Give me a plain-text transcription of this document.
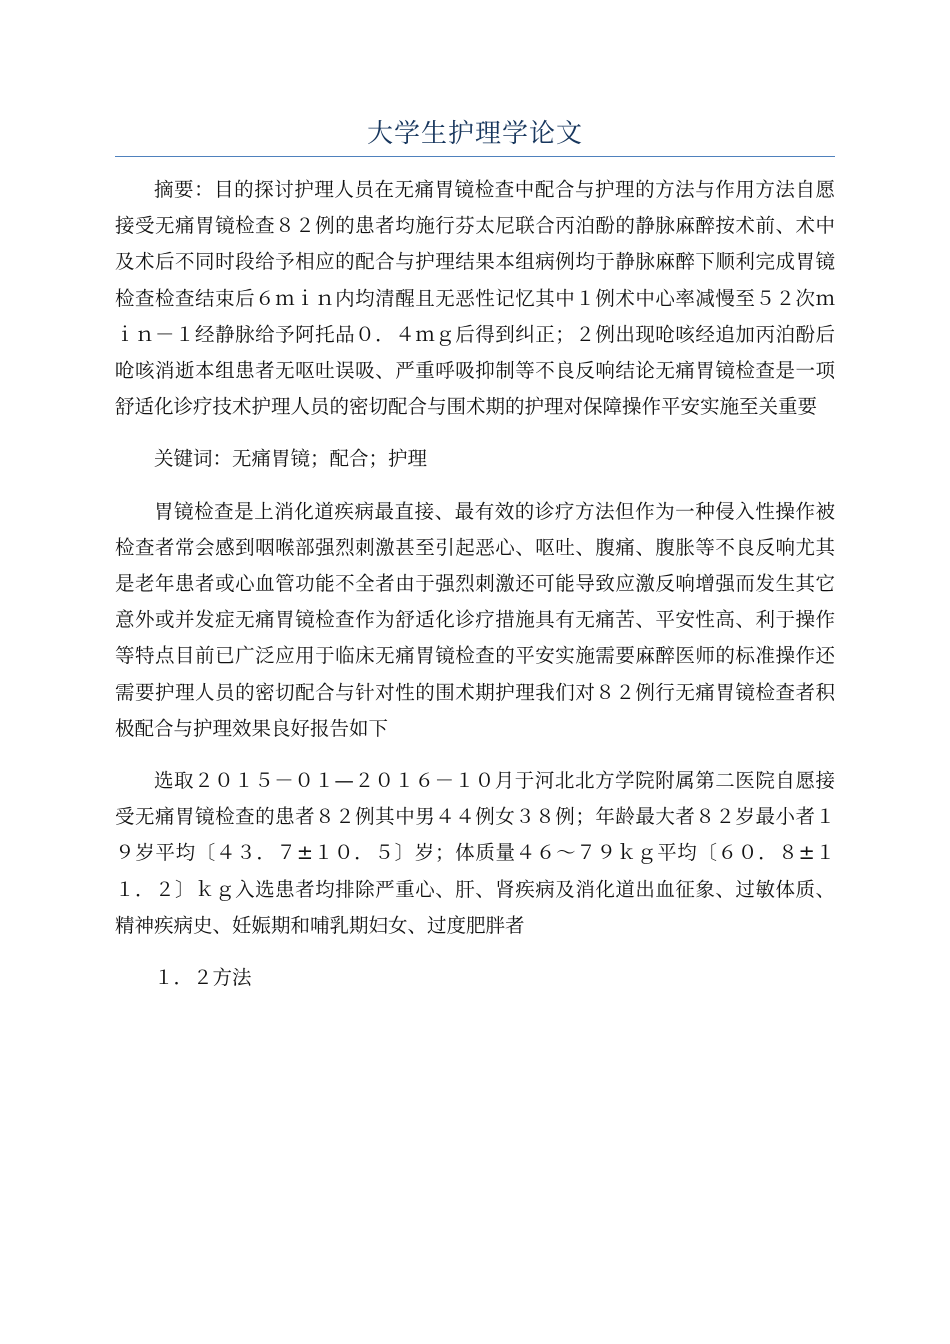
大学生护理学论文

摘要：目的探讨护理人员在无痛胃镜检查中配合与护理的方法与作用方法自愿接受无痛胃镜检查８２例的患者均施行芬太尼联合丙泊酚的静脉麻醉按术前、术中及术后不同时段给予相应的配合与护理结果本组病例均于静脉麻醉下顺利完成胃镜检查检查结束后６ｍｉｎ内均清醒且无恶性记忆其中１例术中心率减慢至５２次ｍｉｎ－１经静脉给予阿托品０．４ｍｇ后得到纠正；２例出现呛咳经追加丙泊酚后呛咳消逝本组患者无呕吐误吸、严重呼吸抑制等不良反响结论无痛胃镜检查是一项舒适化诊疗技术护理人员的密切配合与围术期的护理对保障操作平安实施至关重要

关键词：无痛胃镜；配合；护理

胃镜检查是上消化道疾病最直接、最有效的诊疗方法但作为一种侵入性操作被检查者常会感到咽喉部强烈刺激甚至引起恶心、呕吐、腹痛、腹胀等不良反响尤其是老年患者或心血管功能不全者由于强烈刺激还可能导致应激反响增强而发生其它意外或并发症无痛胃镜检查作为舒适化诊疗措施具有无痛苦、平安性高、利于操作等特点目前已广泛应用于临床无痛胃镜检查的平安实施需要麻醉医师的标准操作还需要护理人员的密切配合与针对性的围术期护理我们对８２例行无痛胃镜检查者积极配合与护理效果良好报告如下

选取２０１５－０１—２０１６－１０月于河北北方学院附属第二医院自愿接受无痛胃镜检查的患者８２例其中男４４例女３８例；年龄最大者８２岁最小者１９岁平均〔４３．７±１０．５〕岁；体质量４６～７９ｋｇ平均〔６０．８±１１．２〕ｋｇ入选患者均排除严重心、肝、肾疾病及消化道出血征象、过敏体质、精神疾病史、妊娠期和哺乳期妇女、过度肥胖者

１．２方法
